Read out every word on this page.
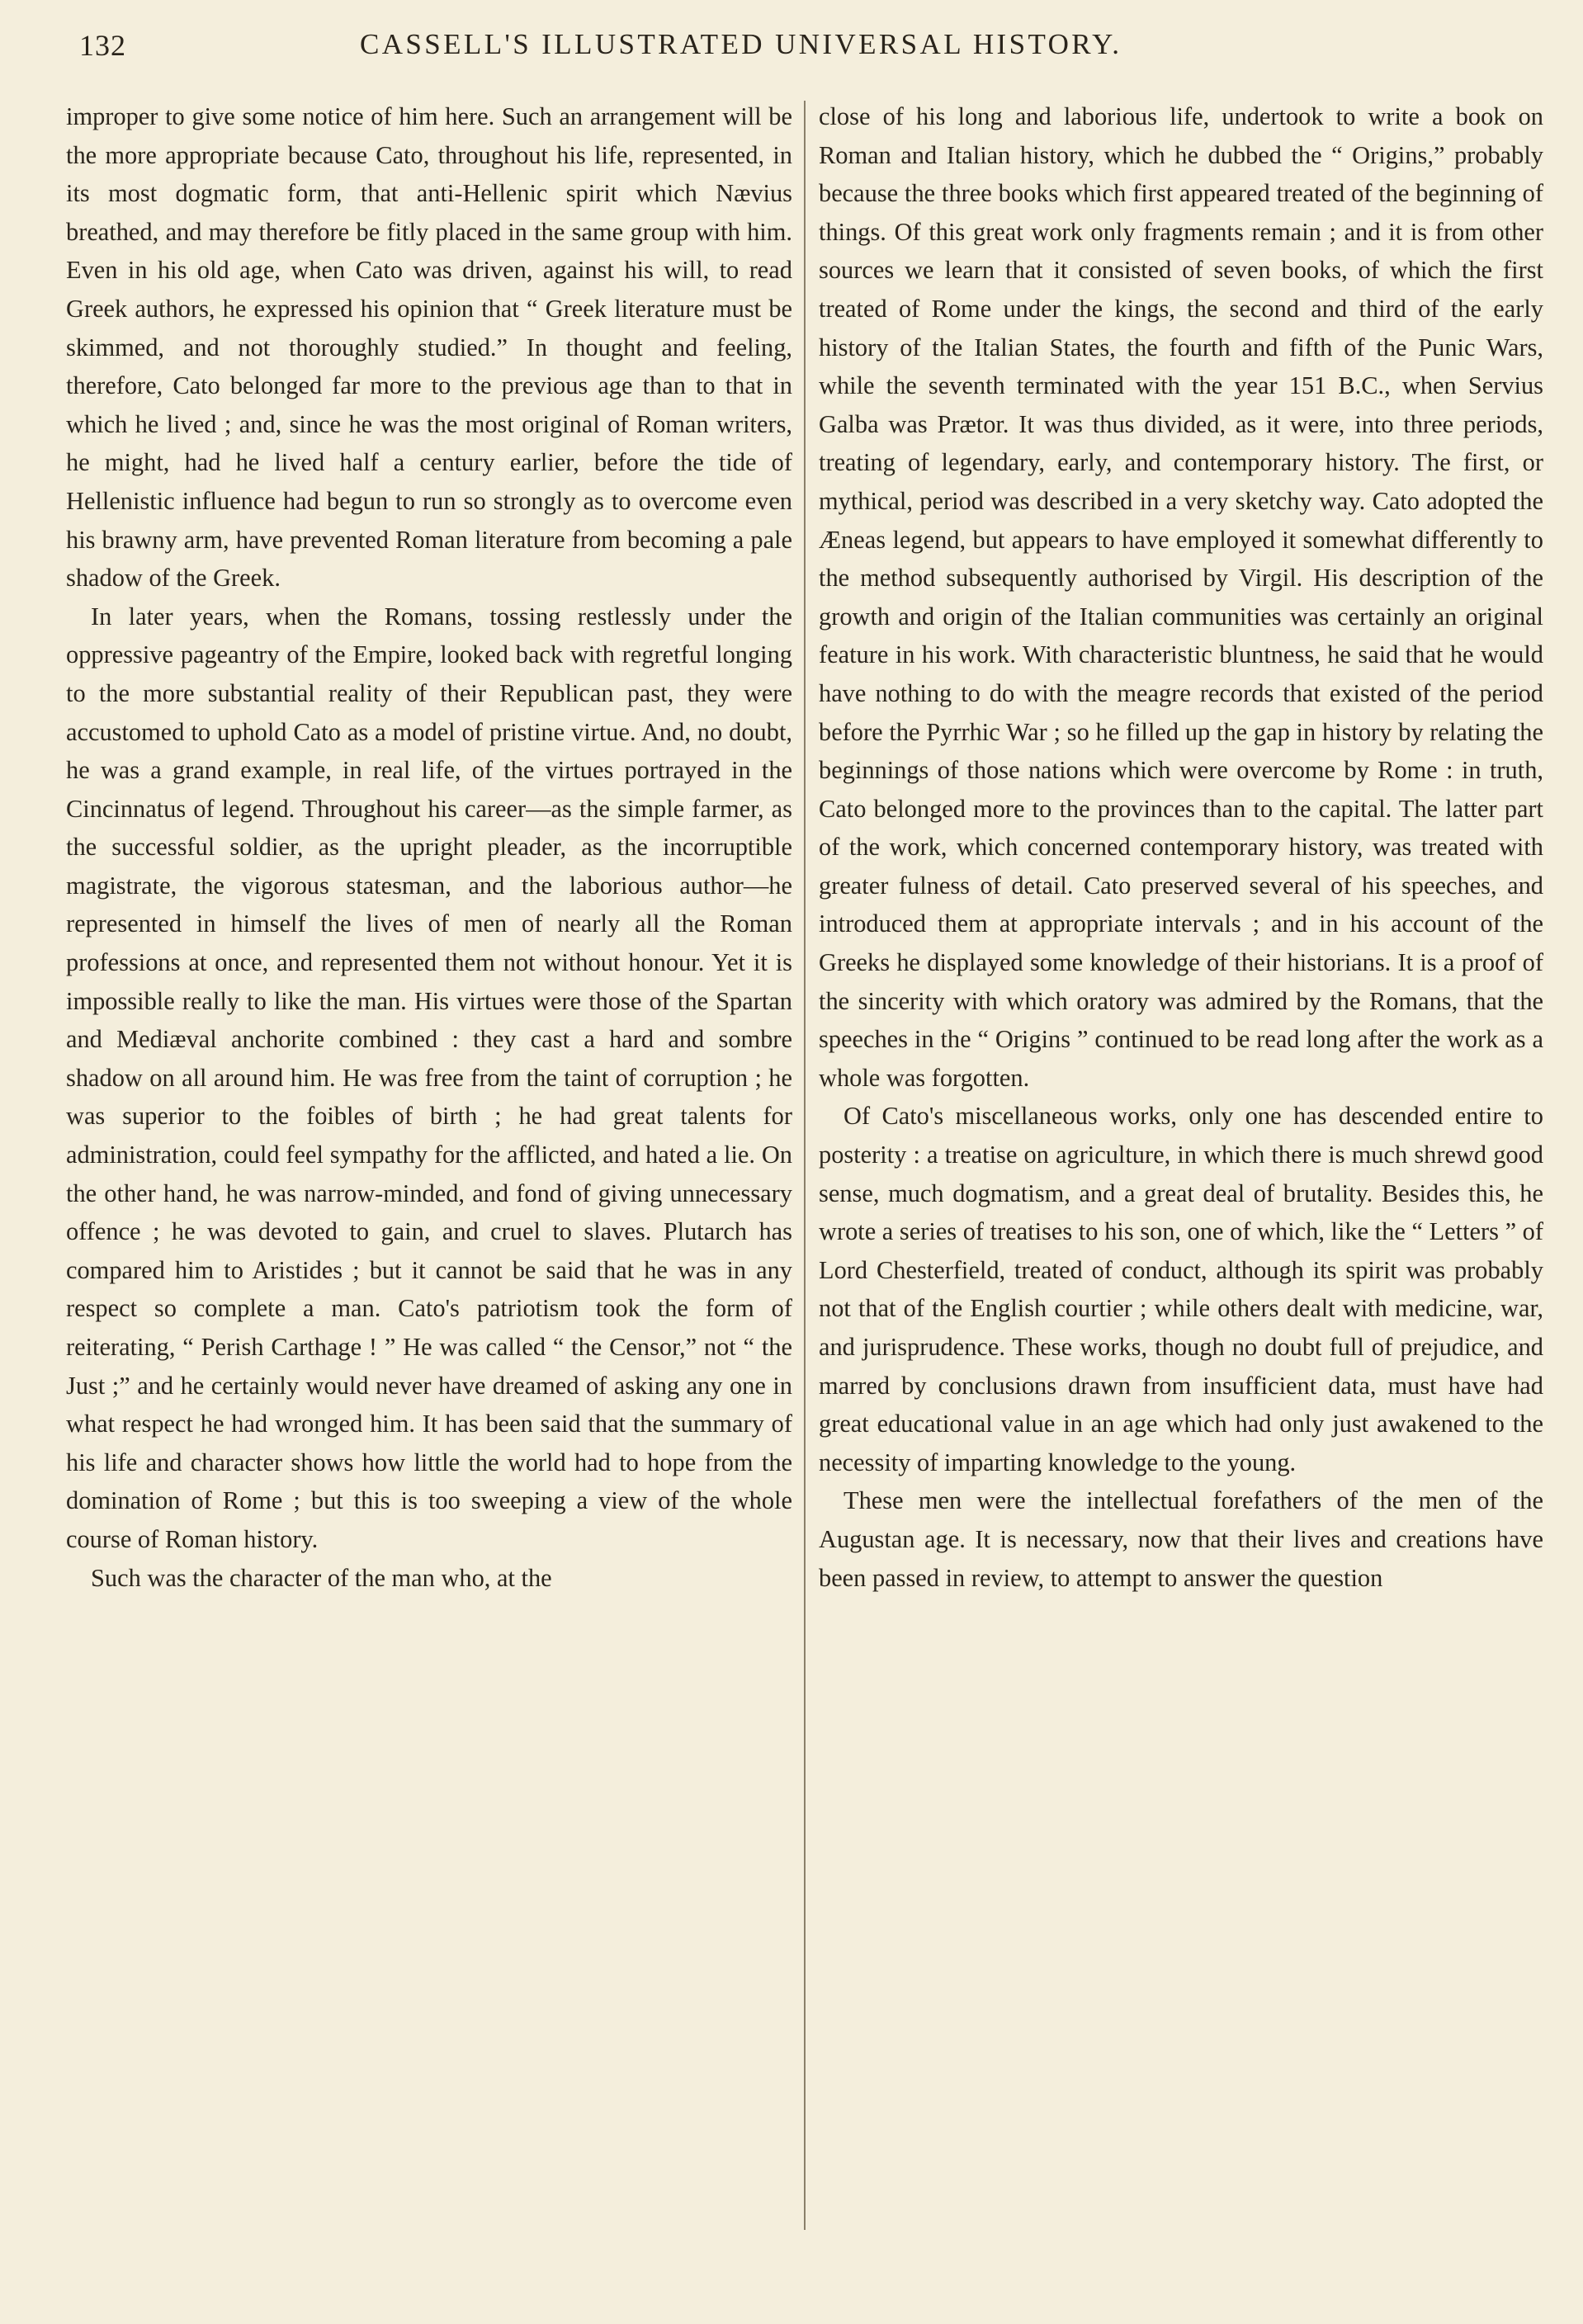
132	CASSELL'S ILLUSTRATED UNIVERSAL HISTORY.

improper to give some notice of him here. Such an arrangement will be the more appropriate because Cato, throughout his life, represented, in its most dogmatic form, that anti-Hellenic spirit which Nævius breathed, and may therefore be fitly placed in the same group with him. Even in his old age, when Cato was driven, against his will, to read Greek authors, he expressed his opinion that “ Greek literature must be skimmed, and not thoroughly studied.” In thought and feeling, therefore, Cato belonged far more to the previous age than to that in which he lived ; and, since he was the most original of Roman writers, he might, had he lived half a century earlier, before the tide of Hellenistic influence had begun to run so strongly as to overcome even his brawny arm, have prevented Roman literature from becoming a pale shadow of the Greek.

In later years, when the Romans, tossing restlessly under the oppressive pageantry of the Empire, looked back with regretful longing to the more substantial reality of their Republican past, they were accustomed to uphold Cato as a model of pristine virtue. And, no doubt, he was a grand example, in real life, of the virtues portrayed in the Cincinnatus of legend. Throughout his career—as the simple farmer, as the successful soldier, as the upright pleader, as the incorruptible magistrate, the vigorous statesman, and the laborious author—he represented in himself the lives of men of nearly all the Roman professions at once, and represented them not without honour. Yet it is impossible really to like the man. His virtues were those of the Spartan and Mediæval anchorite combined : they cast a hard and sombre shadow on all around him. He was free from the taint of corruption ; he was superior to the foibles of birth ; he had great talents for administration, could feel sympathy for the afflicted, and hated a lie. On the other hand, he was narrow-minded, and fond of giving unnecessary offence ; he was devoted to gain, and cruel to slaves. Plutarch has compared him to Aristides ; but it cannot be said that he was in any respect so complete a man. Cato's patriotism took the form of reiterating, “ Perish Carthage ! ” He was called “ the Censor,” not “ the Just ;” and he certainly would never have dreamed of asking any one in what respect he had wronged him. It has been said that the summary of his life and character shows how little the world had to hope from the domination of Rome ; but this is too sweeping a view of the whole course of Roman history.

Such was the character of the man who, at the

close of his long and laborious life, undertook to write a book on Roman and Italian history, which he dubbed the “ Origins,” probably because the three books which first appeared treated of the beginning of things. Of this great work only fragments remain ; and it is from other sources we learn that it consisted of seven books, of which the first treated of Rome under the kings, the second and third of the early history of the Italian States, the fourth and fifth of the Punic Wars, while the seventh terminated with the year 151 B.C., when Servius Galba was Prætor. It was thus divided, as it were, into three periods, treating of legendary, early, and contemporary history. The first, or mythical, period was described in a very sketchy way. Cato adopted the Æneas legend, but appears to have employed it somewhat differently to the method subsequently authorised by Virgil. His description of the growth and origin of the Italian communities was certainly an original feature in his work. With characteristic bluntness, he said that he would have nothing to do with the meagre records that existed of the period before the Pyrrhic War ; so he filled up the gap in history by relating the beginnings of those nations which were overcome by Rome : in truth, Cato belonged more to the provinces than to the capital. The latter part of the work, which concerned contemporary history, was treated with greater fulness of detail. Cato preserved several of his speeches, and introduced them at appropriate intervals ; and in his account of the Greeks he displayed some knowledge of their historians. It is a proof of the sincerity with which oratory was admired by the Romans, that the speeches in the “ Origins ” continued to be read long after the work as a whole was forgotten.

Of Cato's miscellaneous works, only one has descended entire to posterity : a treatise on agriculture, in which there is much shrewd good sense, much dogmatism, and a great deal of brutality. Besides this, he wrote a series of treatises to his son, one of which, like the “ Letters ” of Lord Chesterfield, treated of conduct, although its spirit was probably not that of the English courtier ; while others dealt with medicine, war, and jurisprudence. These works, though no doubt full of prejudice, and marred by conclusions drawn from insufficient data, must have had great educational value in an age which had only just awakened to the necessity of imparting knowledge to the young.

These men were the intellectual forefathers of the men of the Augustan age. It is necessary, now that their lives and creations have been passed in review, to attempt to answer the question
